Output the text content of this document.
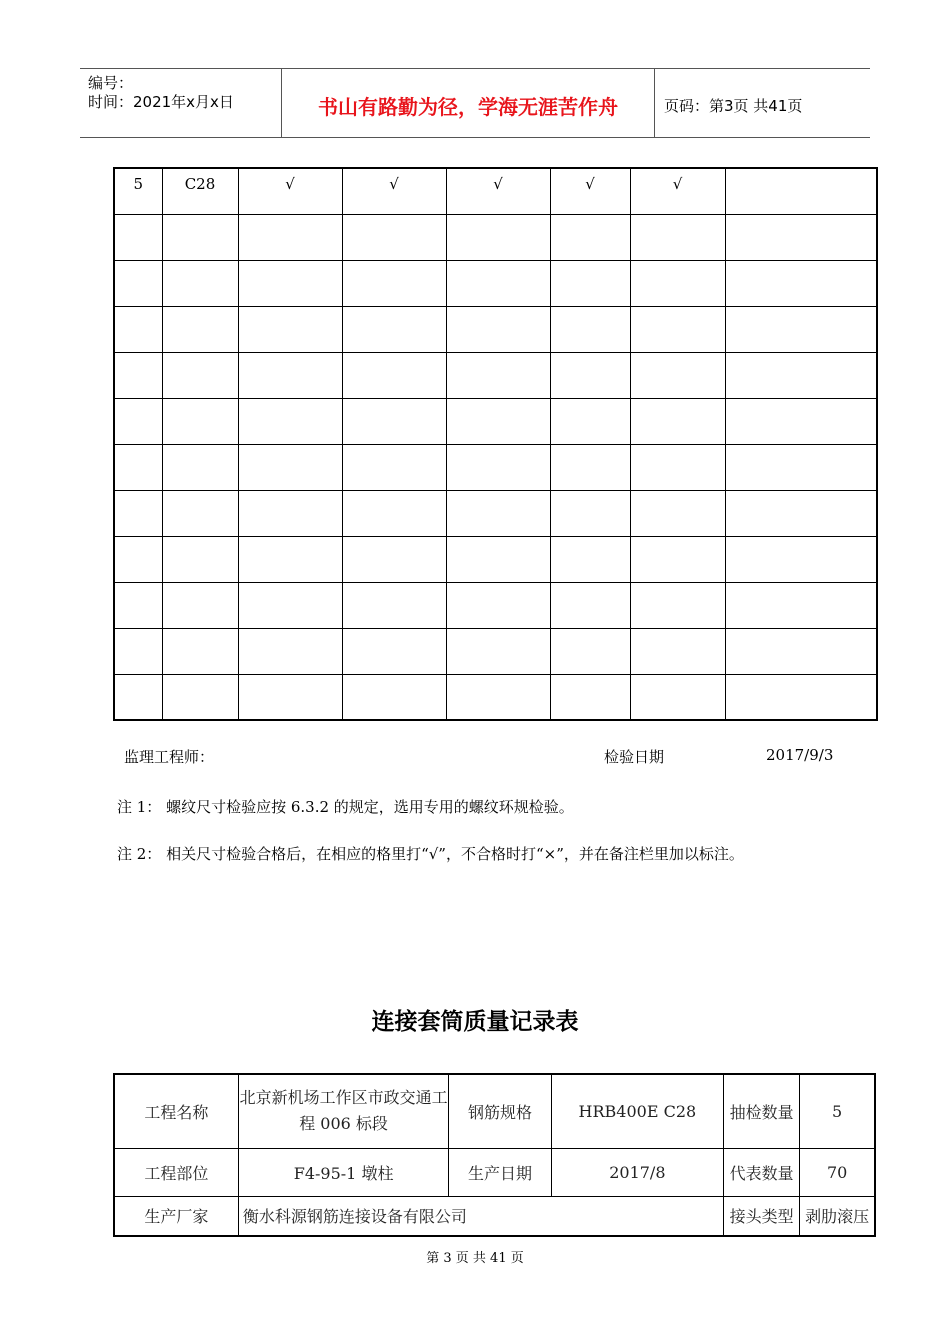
编号：
时间：2021年x月x日	书山有路勤为径，学海无涯苦作舟	页码：第3页 共41页
5	C28	√	√	√	√	√	

监理工程师：	检验日期	2017/9/3
注 1： 螺纹尺寸检验应按 6.3.2 的规定，选用专用的螺纹环规检验。
注 2： 相关尺寸检验合格后，在相应的格里打“√”，不合格时打“×”，并在备注栏里加以标注。
连接套筒质量记录表
工程名称	北京新机场工作区市政交通工程 006 标段	钢筋规格	HRB400E C28	抽检数量	5
工程部位	F4-95-1 墩柱	生产日期	2017/8	代表数量	70
生产厂家	衡水科源钢筋连接设备有限公司			接头类型	剥肋滚压
第 3 页 共 41 页
